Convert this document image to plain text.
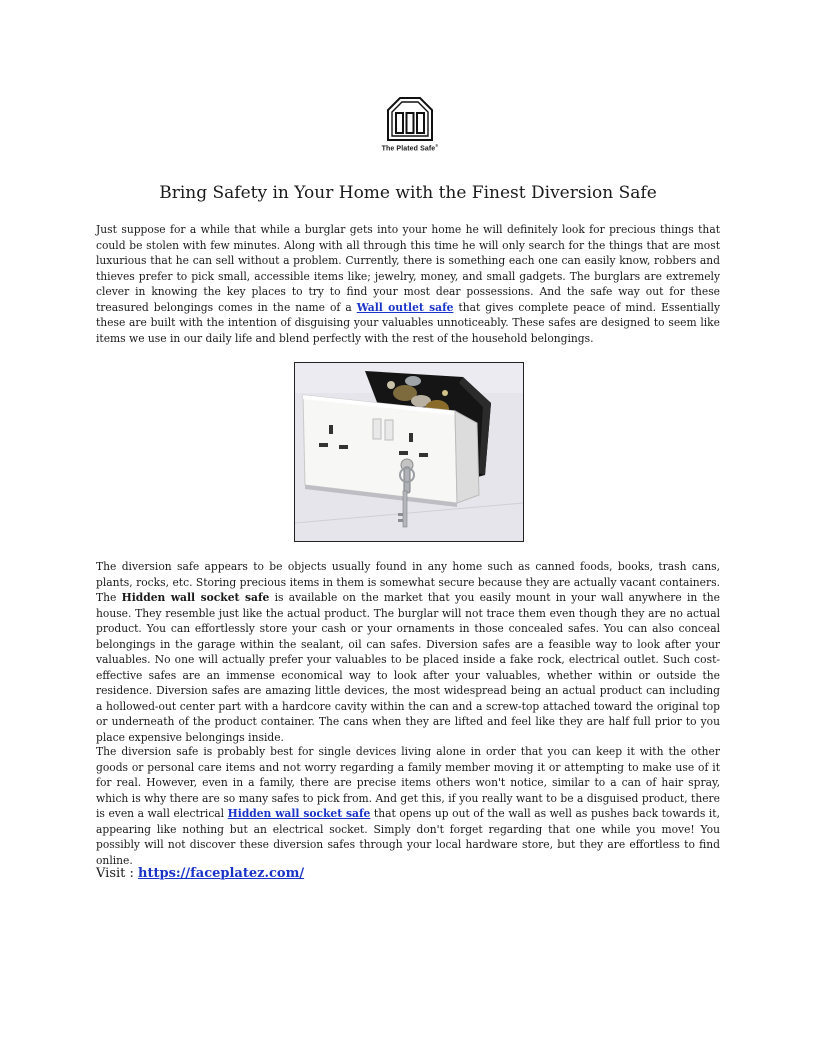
The Plated Safe®
Bring Safety in Your Home with the Finest Diversion Safe

Just suppose for a while that while a burglar gets into your home he will definitely look for precious things that could be stolen with few minutes. Along with all through this time he will only search for the things that are most luxurious that he can sell without a problem. Currently, there is something each one can easily know, robbers and thieves prefer to pick small, accessible items like; jewelry, money, and small gadgets. The burglars are extremely clever in knowing the key places to try to find your most dear possessions. And the safe way out for these treasured belongings comes in the name of a Wall outlet safe that gives complete peace of mind. Essentially these are built with the intention of disguising your valuables unnoticeably. These safes are designed to seem like items we use in our daily life and blend perfectly with the rest of the household belongings.

The diversion safe appears to be objects usually found in any home such as canned foods, books, trash cans, plants, rocks, etc. Storing precious items in them is somewhat secure because they are actually vacant containers. The Hidden wall socket safe is available on the market that you easily mount in your wall anywhere in the house. They resemble just like the actual product. The burglar will not trace them even though they are no actual product. You can effortlessly store your cash or your ornaments in those concealed safes. You can also conceal belongings in the garage within the sealant, oil can safes. Diversion safes are a feasible way to look after your valuables. No one will actually prefer your valuables to be placed inside a fake rock, electrical outlet. Such cost-effective safes are an immense economical way to look after your valuables, whether within or outside the residence. Diversion safes are amazing little devices, the most widespread being an actual product can including a hollowed-out center part with a hardcore cavity within the can and a screw-top attached toward the original top or underneath of the product container. The cans when they are lifted and feel like they are half full prior to you place expensive belongings inside.

The diversion safe is probably best for single devices living alone in order that you can keep it with the other goods or personal care items and not worry regarding a family member moving it or attempting to make use of it for real. However, even in a family, there are precise items others won't notice, similar to a can of hair spray, which is why there are so many safes to pick from. And get this, if you really want to be a disguised product, there is even a wall electrical Hidden wall socket safe that opens up out of the wall as well as pushes back towards it, appearing like nothing but an electrical socket. Simply don't forget regarding that one while you move! You possibly will not discover these diversion safes through your local hardware store, but they are effortless to find online.

Visit : https://faceplatez.com/
